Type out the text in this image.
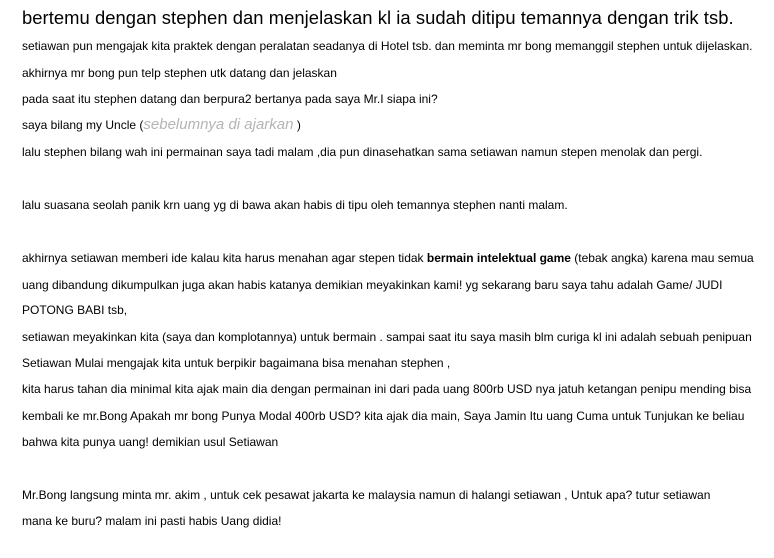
bertemu dengan stephen dan menjelaskan kl ia sudah ditipu temannya dengan trik tsb.
setiawan pun mengajak kita praktek dengan peralatan seadanya di Hotel tsb. dan meminta mr bong memanggil stephen untuk dijelaskan.
akhirnya mr bong pun telp stephen utk datang dan jelaskan
pada saat itu stephen datang dan berpura2 bertanya pada saya Mr.I siapa ini?
saya bilang my Uncle (sebelumnya di ajarkan )
lalu stephen bilang wah ini permainan saya tadi malam ,dia pun dinasehatkan sama setiawan namun stepen menolak dan pergi.
lalu suasana seolah panik krn uang yg di bawa akan habis di tipu oleh temannya stephen nanti malam.
akhirnya setiawan memberi ide kalau kita harus menahan agar stepen tidak bermain intelektual game (tebak angka) karena mau semua
uang dibandung dikumpulkan juga akan habis katanya demikian meyakinkan kami! yg sekarang baru saya tahu adalah Game/ JUDI
POTONG BABI tsb,
setiawan meyakinkan kita (saya dan komplotannya) untuk bermain . sampai saat itu saya masih blm curiga kl ini adalah sebuah penipuan
Setiawan Mulai mengajak kita untuk berpikir bagaimana bisa menahan stephen ,
kita harus tahan dia minimal kita ajak main dia dengan permainan ini dari pada uang 800rb USD nya jatuh ketangan penipu mending bisa
kembali ke mr.Bong Apakah mr bong Punya Modal 400rb USD? kita ajak dia main, Saya Jamin Itu uang Cuma untuk Tunjukan ke beliau
bahwa kita punya uang! demikian usul Setiawan
Mr.Bong langsung minta mr. akim , untuk cek pesawat jakarta ke malaysia namun di halangi setiawan , Untuk apa? tutur setiawan
mana ke buru? malam ini pasti habis Uang didia!
